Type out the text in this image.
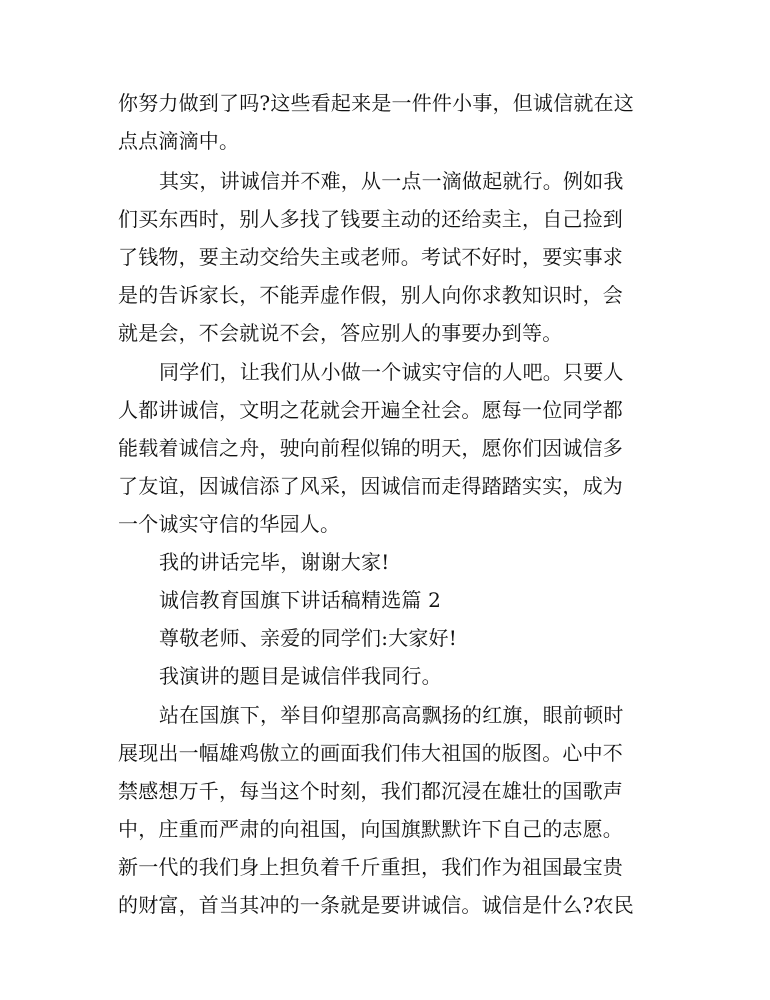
你努力做到了吗?这些看起来是一件件小事，但诚信就在这
点点滴滴中。
其实，讲诚信并不难，从一点一滴做起就行。例如我
们买东西时，别人多找了钱要主动的还给卖主，自己捡到
了钱物，要主动交给失主或老师。考试不好时，要实事求
是的告诉家长，不能弄虚作假，别人向你求教知识时，会
就是会，不会就说不会，答应别人的事要办到等。
同学们，让我们从小做一个诚实守信的人吧。只要人
人都讲诚信，文明之花就会开遍全社会。愿每一位同学都
能载着诚信之舟，驶向前程似锦的明天，愿你们因诚信多
了友谊，因诚信添了风采，因诚信而走得踏踏实实，成为
一个诚实守信的华园人。
我的讲话完毕，谢谢大家!
诚信教育国旗下讲话稿精选篇 2
尊敬老师、亲爱的同学们:大家好!
我演讲的题目是诚信伴我同行。
站在国旗下，举目仰望那高高飘扬的红旗，眼前顿时
展现出一幅雄鸡傲立的画面我们伟大祖国的版图。心中不
禁感想万千，每当这个时刻，我们都沉浸在雄壮的国歌声
中，庄重而严肃的向祖国，向国旗默默许下自己的志愿。
新一代的我们身上担负着千斤重担，我们作为祖国最宝贵
的财富，首当其冲的一条就是要讲诚信。诚信是什么?农民
